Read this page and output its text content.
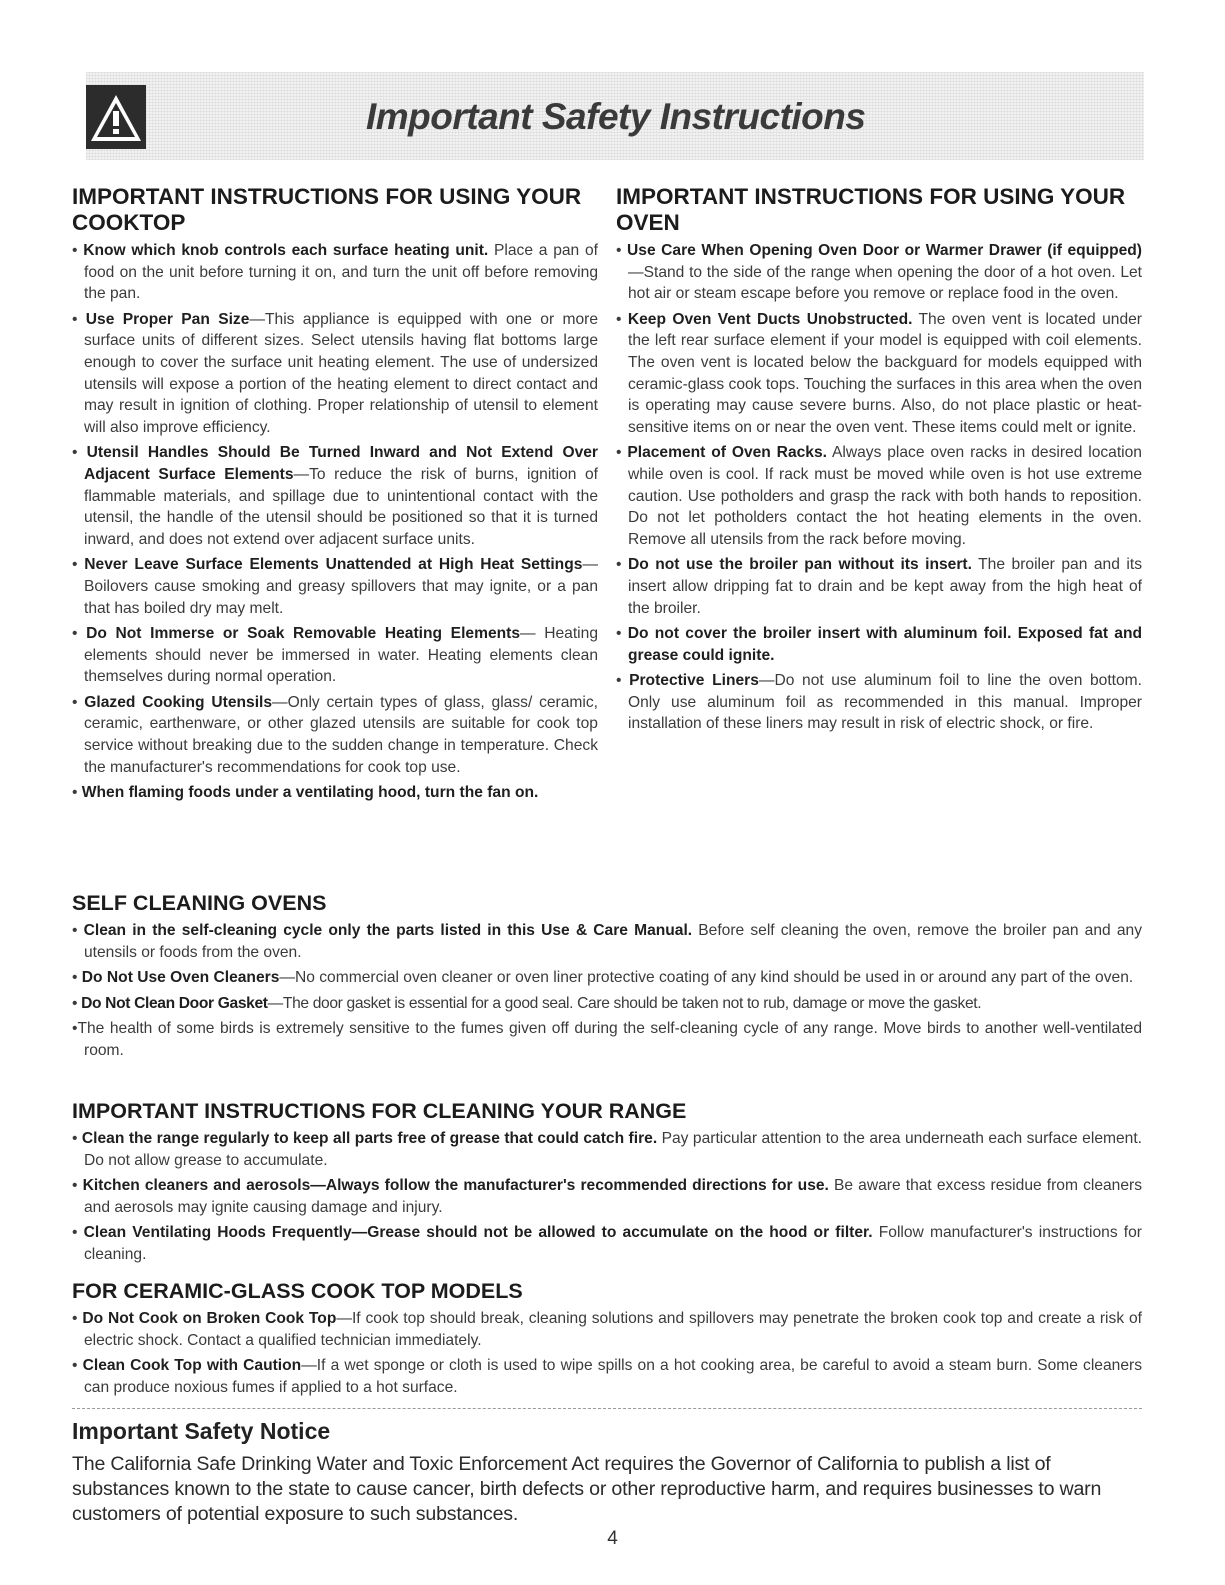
Important Safety Instructions
IMPORTANT INSTRUCTIONS FOR USING YOUR COOKTOP

• Know which knob controls each surface heating unit. Place a pan of food on the unit before turning it on, and turn the unit off before removing the pan.

• Use Proper Pan Size—This appliance is equipped with one or more surface units of different sizes. Select utensils having flat bottoms large enough to cover the surface unit heating element. The use of undersized utensils will expose a portion of the heating element to direct contact and may result in ignition of clothing. Proper relationship of utensil to element will also improve efficiency.

• Utensil Handles Should Be Turned Inward and Not Extend Over Adjacent Surface Elements—To reduce the risk of burns, ignition of flammable materials, and spillage due to unintentional contact with the utensil, the handle of the utensil should be positioned so that it is turned inward, and does not extend over adjacent surface units.

• Never Leave Surface Elements Unattended at High Heat Settings—Boilovers cause smoking and greasy spillovers that may ignite, or a pan that has boiled dry may melt.

• Do Not Immerse or Soak Removable Heating Elements— Heating elements should never be immersed in water. Heating elements clean themselves during normal operation.

• Glazed Cooking Utensils—Only certain types of glass, glass/ ceramic, ceramic, earthenware, or other glazed utensils are suitable for cook top service without breaking due to the sudden change in temperature. Check the manufacturer's recommendations for cook top use.

• When flaming foods under a ventilating hood, turn the fan on.

IMPORTANT INSTRUCTIONS FOR USING YOUR OVEN

• Use Care When Opening Oven Door or Warmer Drawer (if equipped)—Stand to the side of the range when opening the door of a hot oven. Let hot air or steam escape before you remove or replace food in the oven.

• Keep Oven Vent Ducts Unobstructed. The oven vent is located under the left rear surface element if your model is equipped with coil elements. The oven vent is located below the backguard for models equipped with ceramic-glass cook tops. Touching the surfaces in this area when the oven is operating may cause severe burns. Also, do not place plastic or heat-sensitive items on or near the oven vent. These items could melt or ignite.

• Placement of Oven Racks. Always place oven racks in desired location while oven is cool. If rack must be moved while oven is hot use extreme caution. Use potholders and grasp the rack with both hands to reposition. Do not let potholders contact the hot heating elements in the oven. Remove all utensils from the rack before moving.

• Do not use the broiler pan without its insert. The broiler pan and its insert allow dripping fat to drain and be kept away from the high heat of the broiler.

• Do not cover the broiler insert with aluminum foil. Exposed fat and grease could ignite.

• Protective Liners—Do not use aluminum foil to line the oven bottom. Only use aluminum foil as recommended in this manual. Improper installation of these liners may result in risk of electric shock, or fire.

SELF CLEANING OVENS

• Clean in the self-cleaning cycle only the parts listed in this Use & Care Manual. Before self cleaning the oven, remove the broiler pan and any utensils or foods from the oven.

• Do Not Use Oven Cleaners—No commercial oven cleaner or oven liner protective coating of any kind should be used in or around any part of the oven.

• Do Not Clean Door Gasket—The door gasket is essential for a good seal. Care should be taken not to rub, damage or move the gasket.

•The health of some birds is extremely sensitive to the fumes given off during the self-cleaning cycle of any range. Move birds to another well-ventilated room.

IMPORTANT INSTRUCTIONS FOR CLEANING YOUR RANGE

• Clean the range regularly to keep all parts free of grease that could catch fire. Pay particular attention to the area underneath each surface element. Do not allow grease to accumulate.

• Kitchen cleaners and aerosols—Always follow the manufacturer's recommended directions for use. Be aware that excess residue from cleaners and aerosols may ignite causing damage and injury.

• Clean Ventilating Hoods Frequently—Grease should not be allowed to accumulate on the hood or filter. Follow manufacturer's instructions for cleaning.

FOR CERAMIC-GLASS COOK TOP MODELS

• Do Not Cook on Broken Cook Top—If cook top should break, cleaning solutions and spillovers may penetrate the broken cook top and create a risk of electric shock. Contact a qualified technician immediately.

• Clean Cook Top with Caution—If a wet sponge or cloth is used to wipe spills on a hot cooking area, be careful to avoid a steam burn. Some cleaners can produce noxious fumes if applied to a hot surface.

Important Safety Notice

The California Safe Drinking Water and Toxic Enforcement Act requires the Governor of California to publish a list of substances known to the state to cause cancer, birth defects or other reproductive harm, and requires businesses to warn customers of potential exposure to such substances.

4
